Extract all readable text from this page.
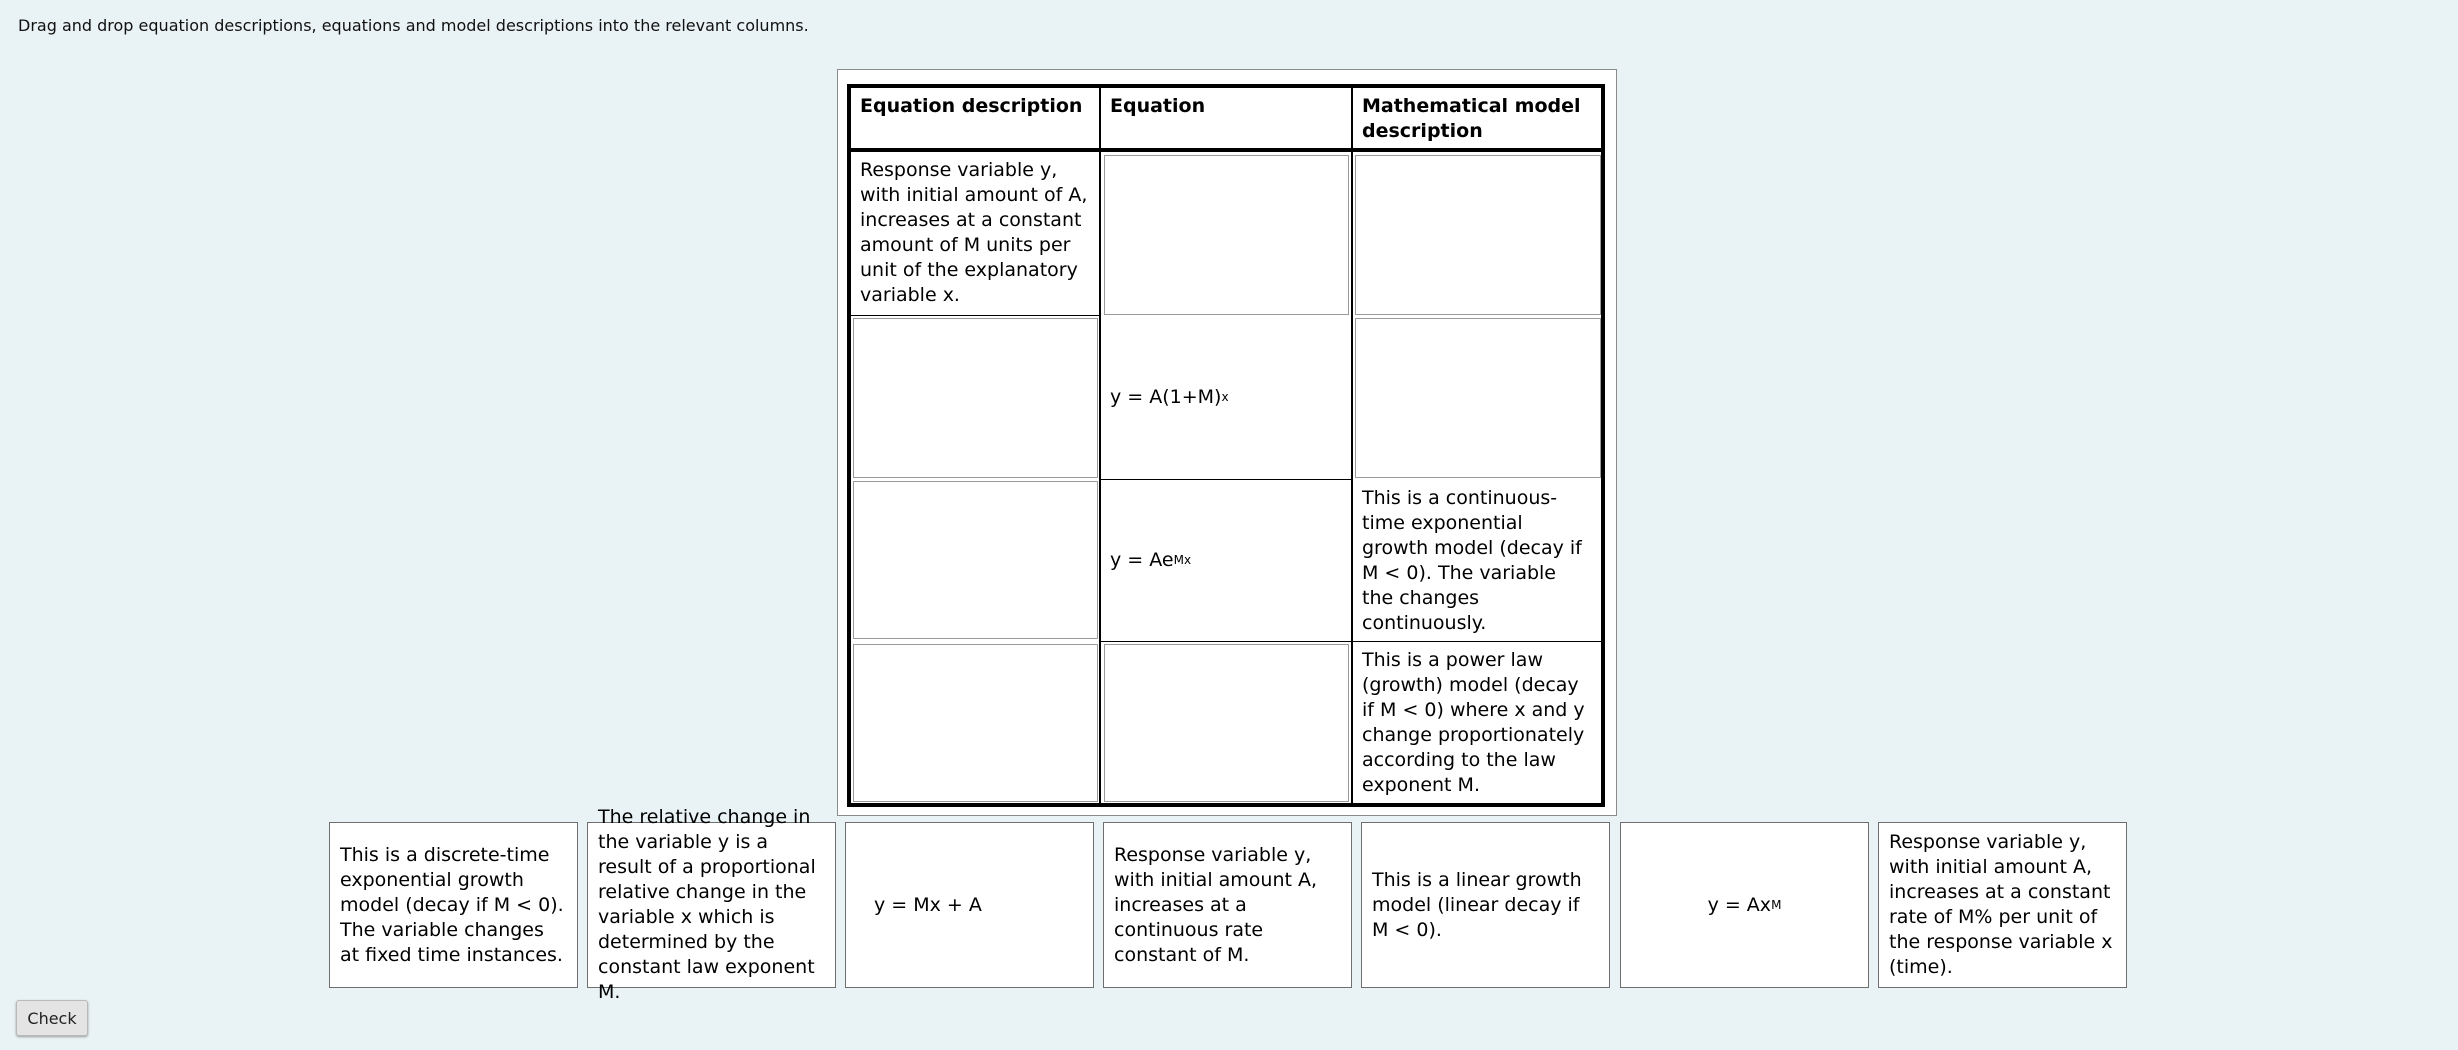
Drag and drop equation descriptions, equations and model descriptions into the relevant columns.
Equation description	Equation	Mathematical model description
Response variable y, with initial amount of A, increases at a constant amount of M units per unit of the explanatory variable x.
y = A(1+M) x
y = Ae Mx
This is a continuous-time exponential growth model (decay if M < 0). The variable the changes continuously.
This is a power law (growth) model (decay if M < 0) where x and y change proportionately according to the law exponent M.
This is a discrete-time exponential growth model (decay if M < 0). The variable changes at fixed time instances.
The relative change in the variable y is a result of a proportional relative change in the variable x which is determined by the constant law exponent M.
y = Mx + A
Response variable y, with initial amount A, increases at a continuous rate constant of M.
This is a linear growth model (linear decay if M < 0).
y = Ax M
Response variable y, with initial amount A, increases at a constant rate of M% per unit of the response variable x (time).
Check
